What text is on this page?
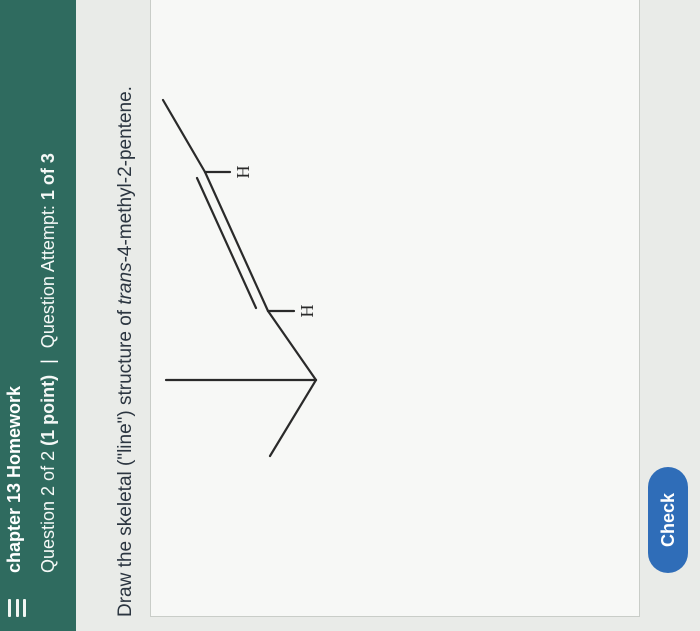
chapter 13 Homework Question 2 of 2 (1 point) | Question Attempt: 1 of 3
Draw the skeletal ("line") structure of trans-4-methyl-2-pentene.
H
H
Check
